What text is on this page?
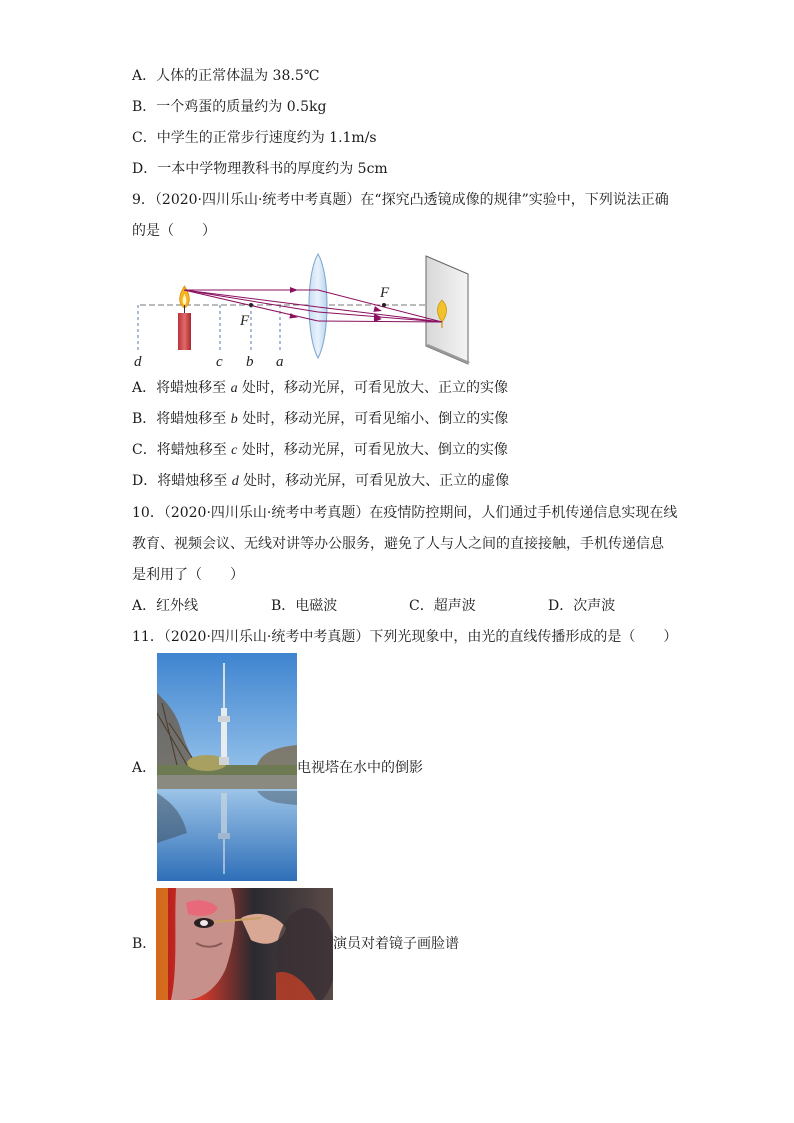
A．人体的正常体温为 38.5℃
B．一个鸡蛋的质量约为 0.5kg
C．中学生的正常步行速度约为 1.1m/s
D．一本中学物理教科书的厚度约为 5cm
9．（2020·四川乐山·统考中考真题）在“探究凸透镜成像的规律”实验中，下列说法正确
的是（　　）
F
F
d	c b a
A．将蜡烛移至 a 处时，移动光屏，可看见放大、正立的实像
B．将蜡烛移至 b 处时，移动光屏，可看见缩小、倒立的实像
C．将蜡烛移至 c 处时，移动光屏，可看见放大、倒立的实像
D．将蜡烛移至 d 处时，移动光屏，可看见放大、正立的虚像
10．（2020·四川乐山·统考中考真题）在疫情防控期间，人们通过手机传递信息实现在线
教育、视频会议、无线对讲等办公服务，避免了人与人之间的直接接触，手机传递信息
是利用了（　　）
A．红外线	B．电磁波	C．超声波	D．次声波
11．（2020·四川乐山·统考中考真题）下列光现象中，由光的直线传播形成的是（　　）
A．	电视塔在水中的倒影
B．	演员对着镜子画脸谱
